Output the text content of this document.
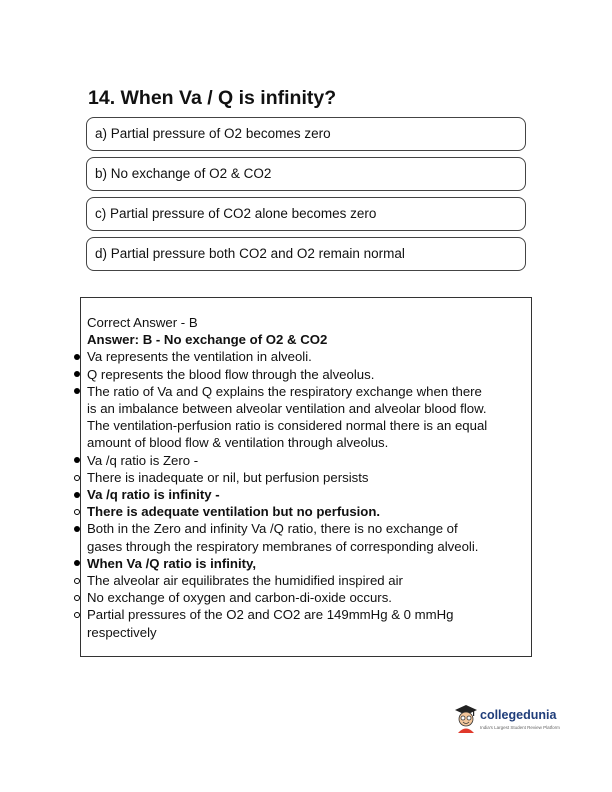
14. When Va / Q is infinity?
a) Partial pressure of O2 becomes zero
b) No exchange of O2 & CO2
c) Partial pressure of CO2 alone becomes zero
d) Partial pressure both CO2 and O2 remain normal
Correct Answer - B
Answer: B - No exchange of O2 & CO2
Va represents the ventilation in alveoli.
Q represents the blood flow through the alveolus.
The ratio of Va and Q explains the respiratory exchange when there
is an imbalance between alveolar ventilation and alveolar blood flow.
The ventilation-perfusion ratio is considered normal there is an equal
amount of blood flow & ventilation through alveolus.
Va /q ratio is Zero -
There is inadequate or nil, but perfusion persists
Va /q ratio is infinity -
There is adequate ventilation but no perfusion.
Both in the Zero and infinity Va /Q ratio, there is no exchange of
gases through the respiratory membranes of corresponding alveoli.
When Va /Q ratio is infinity,
The alveolar air equilibrates the humidified inspired air
No exchange of oxygen and carbon-di-oxide occurs.
Partial pressures of the O2 and CO2 are 149mmHg & 0 mmHg
respectively
collegedunia
India's Largest Student Review Platform
